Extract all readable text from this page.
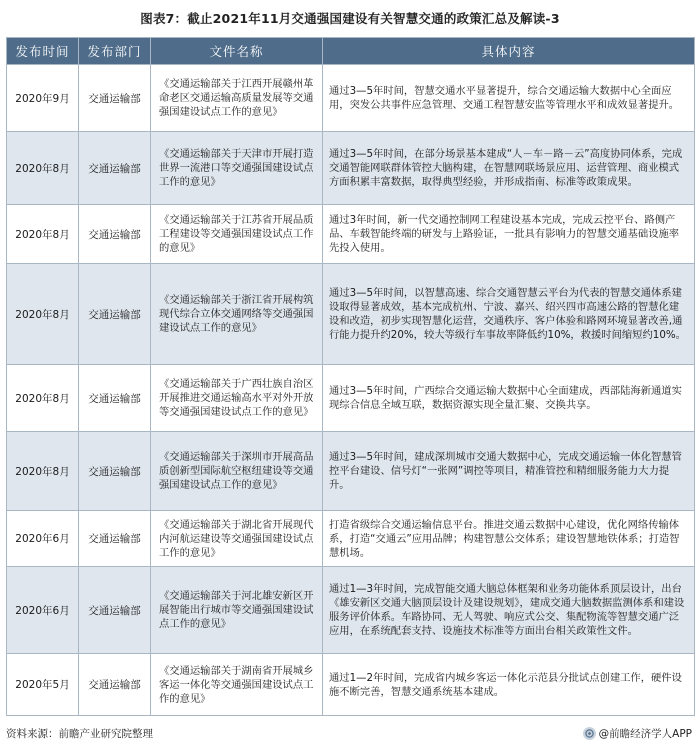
图表7：截止2021年11月交通强国建设有关智慧交通的政策汇总及解读-3
发布时间	发布部门	文件名称	具体内容
2020年9月	交通运输部	《交通运输部关于江西开展赣州革命老区交通运输高质量发展等交通强国建设试点工作的意见》	通过3—5年时间，智慧交通水平显著提升，综合交通运输大数据中心全面应用，突发公共事件应急管理、交通工程智慧安监等管理水平和成效显著提升。
2020年8月	交通运输部	《交通运输部关于天津市开展打造世界一流港口等交通强国建设试点工作的意见》	通过3—5年时间，在部分场景基本建成“人－车－路－云”高度协同体系，完成交通智能网联群体管控大脑构建，在智慧网联场景应用、运营管理、商业模式方面积累丰富数据，取得典型经验，并形成指南、标准等政策成果。
2020年8月	交通运输部	《交通运输部关于江苏省开展品质工程建设等交通强国建设试点工作的意见》	通过3年时间，新一代交通控制网工程建设基本完成，完成云控平台、路侧产品、车载智能终端的研发与上路验证，一批具有影响力的智慧交通基础设施率先投入使用。
2020年8月	交通运输部	《交通运输部关于浙江省开展构筑现代综合立体交通网络等交通强国建设试点工作的意见》	通过3—5年时间，以智慧高速、综合交通智慧云平台为代表的智慧交通体系建设取得显著成效，基本完成杭州、宁波、嘉兴、绍兴四市高速公路的智慧化建设和改造，初步实现智慧化运营，交通秩序、客户体验和路网环境显著改善,通行能力提升约20%，较大等级行车事故率降低约10%，救援时间缩短约10%。
2020年8月	交通运输部	《交通运输部关于广西壮族自治区开展推进交通运输高水平对外开放等交通强国建设试点工作的意见》	通过3—5年时间，广西综合交通运输大数据中心全面建成，西部陆海新通道实现综合信息全域互联，数据资源实现全量汇聚、交换共享。
2020年8月	交通运输部	《交通运输部关于深圳市开展高品质创新型国际航空枢纽建设等交通强国建设试点工作的意见》	通过3—5年时间，建成深圳城市交通大数据中心，完成交通运输一体化智慧管控平台建设、信号灯“一张网”调控等项目，精准管控和精细服务能力大力提升。
2020年6月	交通运输部	《交通运输部关于湖北省开展现代内河航运建设等交通强国建设试点工作的意见》	打造省级综合交通运输信息平台。推进交通云数据中心建设，优化网络传输体系，打造“交通云”应用品牌；构建智慧公交体系；建设智慧地铁体系；打造智慧机场。
2020年6月	交通运输部	《交通运输部关于河北雄安新区开展智能出行城市等交通强国建设试点工作的意见》	通过1—3年时间，完成智能交通大脑总体框架和业务功能体系顶层设计，出台《雄安新区交通大脑顶层设计及建设规划》，建成交通大脑数据监测体系和建设服务评价体系。车路协同、无人驾驶、响应式公交、集配物流等智慧交通广泛应用，在系统配套支持、设施技术标准等方面出台相关政策性文件。
2020年5月	交通运输部	《交通运输部关于湖南省开展城乡客运一体化等交通强国建设试点工作的意见》	通过1—2年时间，完成省内城乡客运一体化示范县分批试点创建工作，硬件设施不断完善，智慧交通系统基本建成。
资料来源：前瞻产业研究院整理	@前瞻经济学人APP
